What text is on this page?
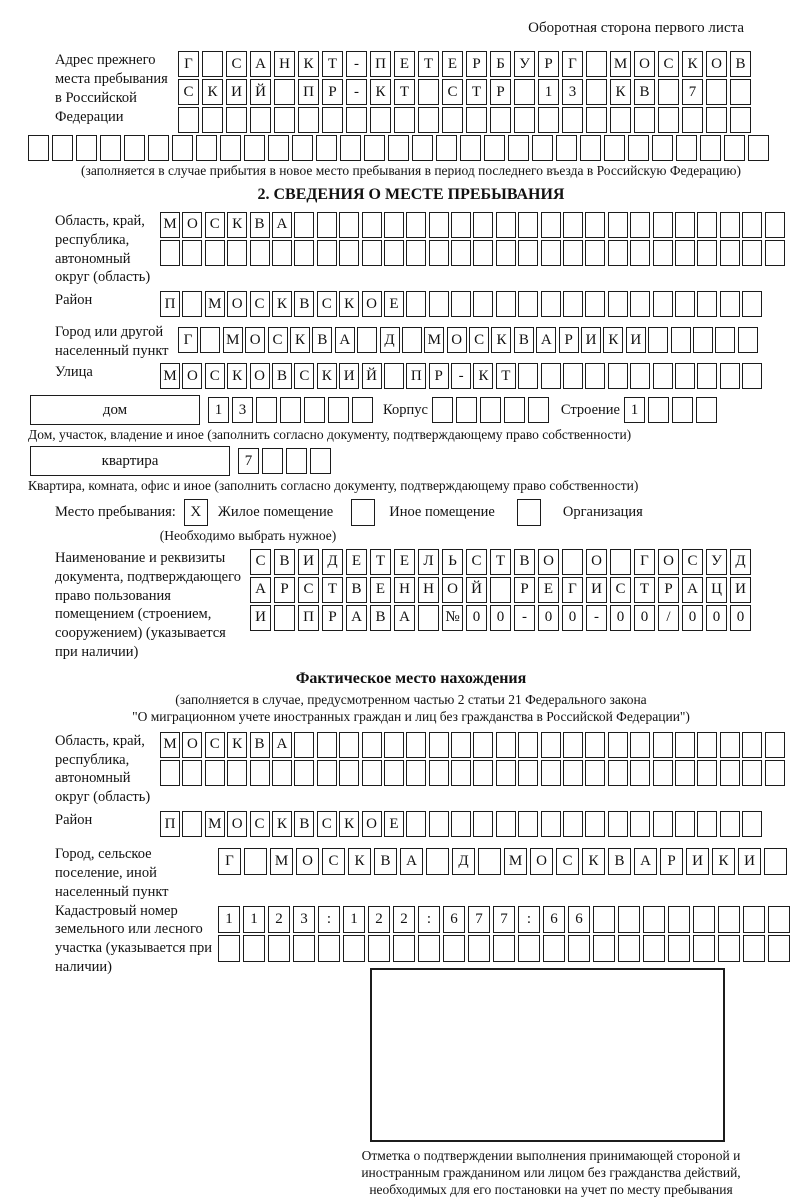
Оборотная сторона первого листа
Адрес прежнего места пребывания в Российской Федерации
Г	С А Н К Т	-	П Е Т Е	Р	Б У Р	Г	М О С К О В
С К И Й	П Р	-	К Т	С Т	Р	1	3	К В	7
(заполняется в случае прибытия в новое место пребывания в период последнего въезда в Российскую Федерацию)
2. СВЕДЕНИЯ О МЕСТЕ ПРЕБЫВАНИЯ
Область, край, республика, автономный округ (область)
М О С К В А
Район	П	М О С К В С К О Е
Город или другой населенный пункт
Г	М О С К В А	Д	М О С К В А Р И К И
Улица	М О С К О В С К И Й	П Р	- К Т
дом	1	3	Корпус	Строение 1
Дом, участок, владение и иное (заполнить согласно документу, подтверждающему право собственности)
квартира	7
Квартира, комната, офис и иное (заполнить согласно документу, подтверждающему право собственности)
Место пребывания: X	Жилое помещение	Иное помещение	Организация
(Необходимо выбрать нужное)
Наименование и реквизиты документа, подтверждающего право пользования помещением (строением, сооружением) (указывается при наличии)
С В И Д Е Т Е Л Ь С Т В О	О	Г О С У Д
А Р С Т В Е Н Н О Й	Р	Е	Г И С Т	Р А Ц И
И	П Р А В А	№ 0	0	-	0	0	-	0	0	/	0	0	0
Фактическое место нахождения
(заполняется в случае, предусмотренном частью 2 статьи 21 Федерального закона
"О миграционном учете иностранных граждан и лиц без гражданства в Российской Федерации")
Область, край, республика, автономный округ (область)
М О С К В А
Район	П	М О С К В С К О Е
Город, сельское поселение, иной населенный пункт
Г	М О	С	К	В	А	Д	М О	С	К	В	А	Р	И	К	И
Кадастровый номер земельного или лесного участка (указывается при наличии)
1	1	2	3	:	1	2	2	:	6	7	7	:	6	6
Отметка о подтверждении выполнения принимающей стороной и иностранным гражданином или лицом без гражданства действий, необходимых для его постановки на учет по месту пребывания
